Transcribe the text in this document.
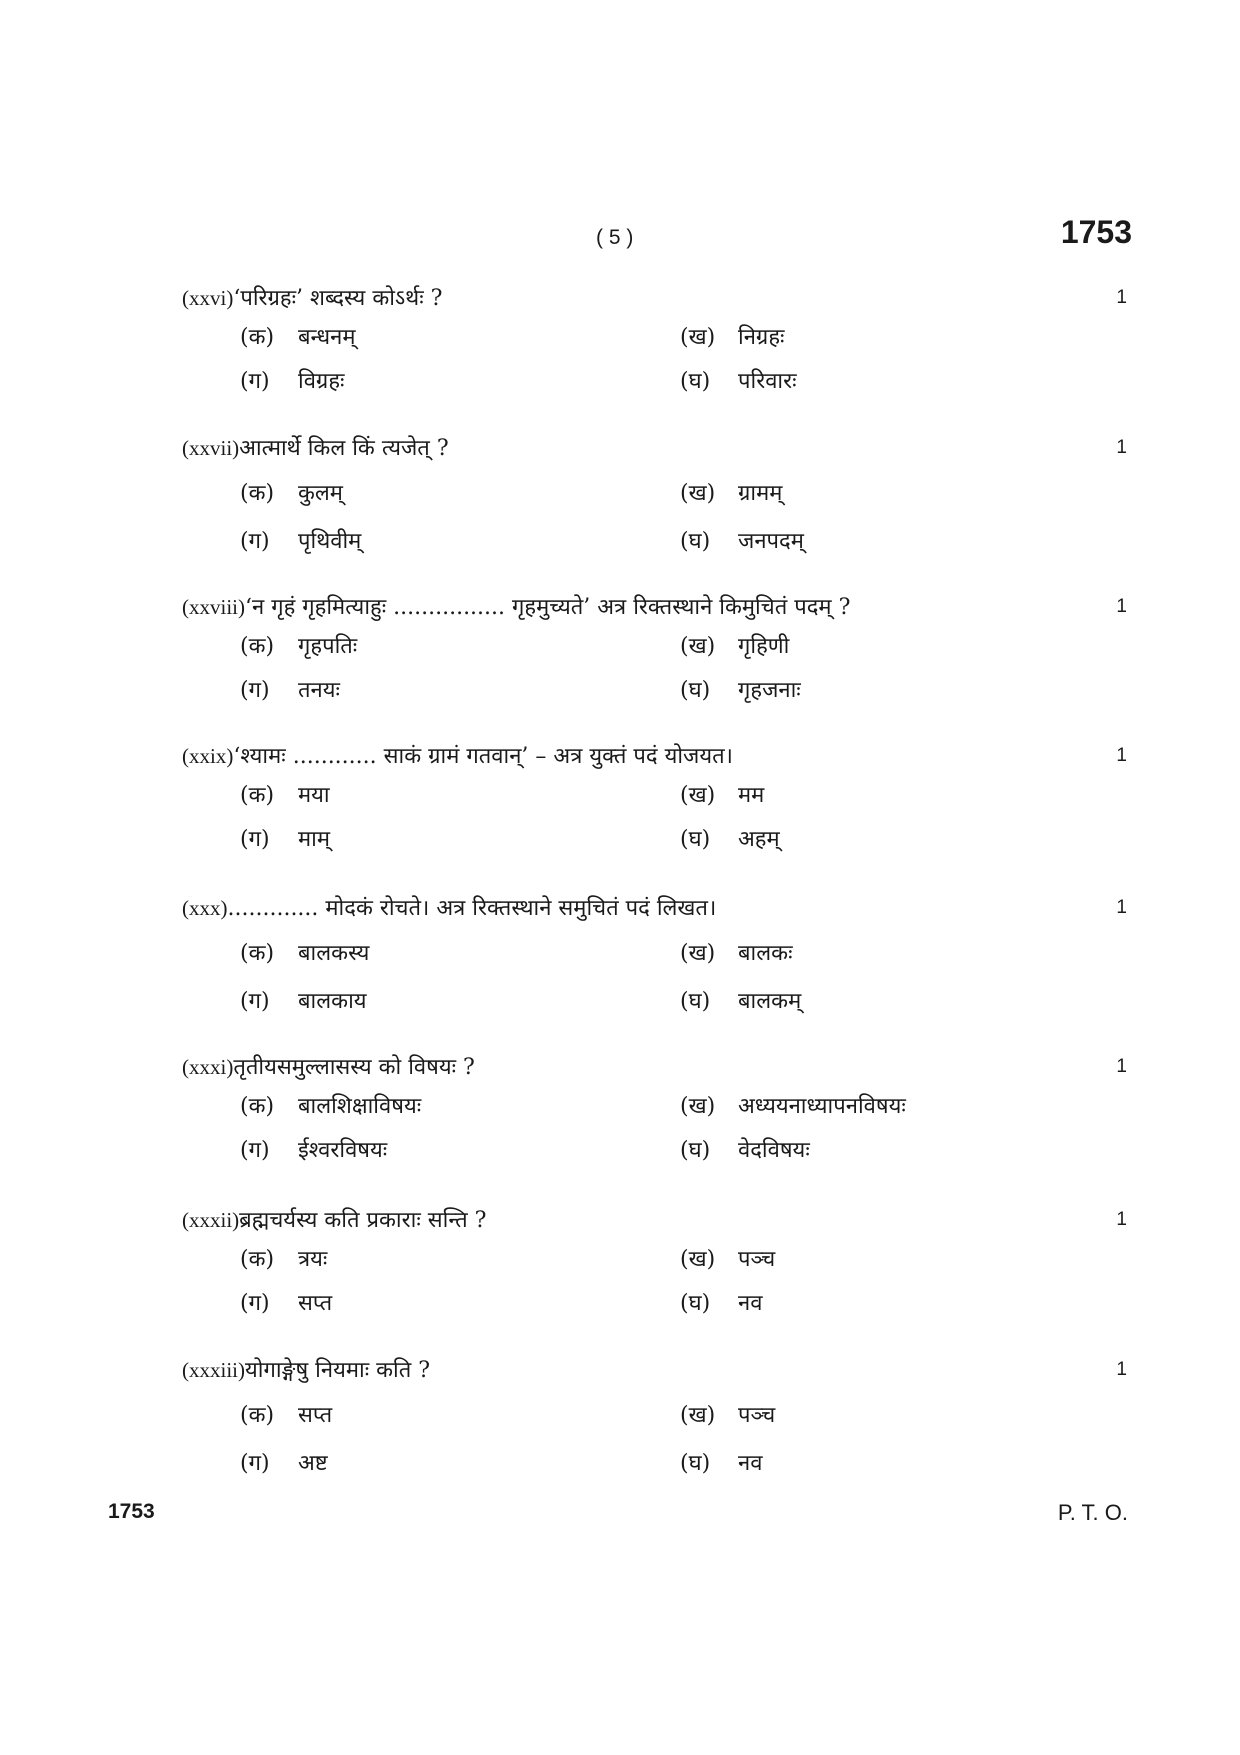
( 5 )	1753
(xxvi)‘परिग्रहः’ शब्दस्य कोऽर्थः ?	1
(क) बन्धनम्	(ख) निग्रहः
(ग) विग्रहः	(घ) परिवारः
(xxvii)आत्मार्थे किल किं त्यजेत् ?	1
(क) कुलम्	(ख) ग्रामम्
(ग) पृथिवीम्	(घ) जनपदम्
(xxviii)‘न गृहं गृहमित्याहुः ................ गृहमुच्यते’ अत्र रिक्तस्थाने किमुचितं पदम् ?	1
(क) गृहपतिः	(ख) गृहिणी
(ग) तनयः	(घ) गृहजनाः
(xxix)‘श्यामः ............ साकं ग्रामं गतवान्’ – अत्र युक्तं पदं योजयत।	1
(क) मया	(ख) मम
(ग) माम्	(घ) अहम्
(xxx)............. मोदकं रोचते। अत्र रिक्तस्थाने समुचितं पदं लिखत।	1
(क) बालकस्य	(ख) बालकः
(ग) बालकाय	(घ) बालकम्
(xxxi)तृतीयसमुल्लासस्य को विषयः ?	1
(क) बालशिक्षाविषयः	(ख) अध्ययनाध्यापनविषयः
(ग) ईश्वरविषयः	(घ) वेदविषयः
(xxxii)ब्रह्मचर्यस्य कति प्रकाराः सन्ति ?	1
(क) त्रयः	(ख) पञ्च
(ग) सप्त	(घ) नव
(xxxiii)योगाङ्गेषु नियमाः कति ?	1
(क) सप्त	(ख) पञ्च
(ग) अष्ट	(घ) नव
1753	P. T. O.
